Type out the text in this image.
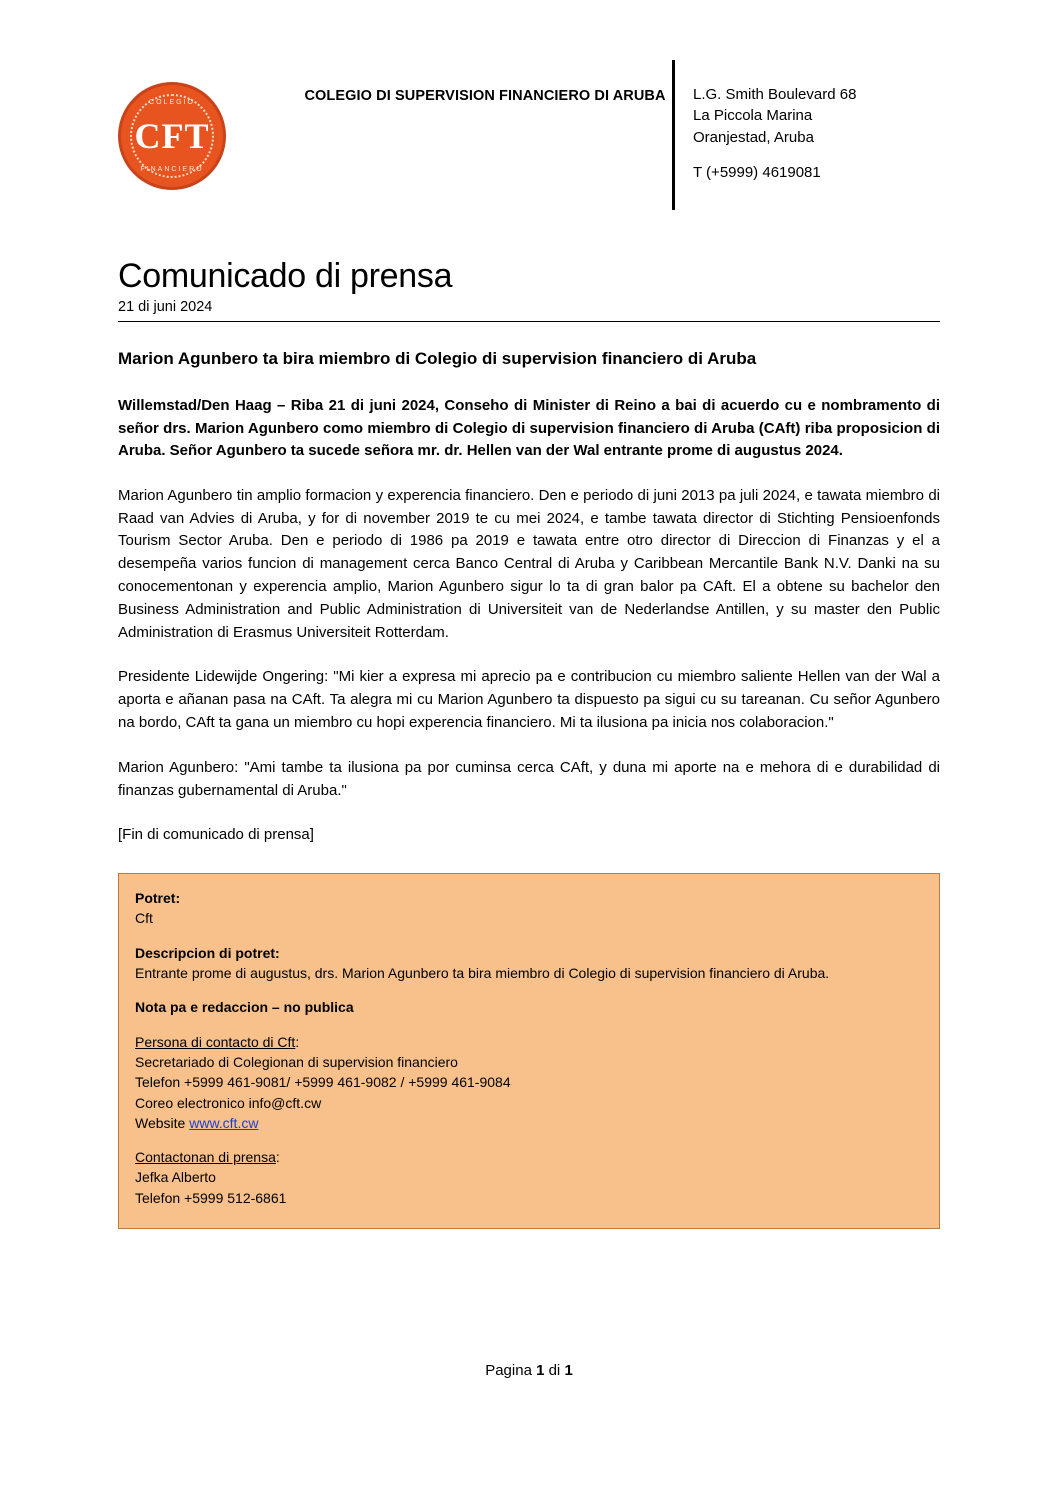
COLEGIO
CFT
FINANCIERO
COLEGIO DI SUPERVISION FINANCIERO DI ARUBA	L.G. Smith Boulevard 68
La Piccola Marina
Oranjestad, Aruba
T (+5999) 4619081
Comunicado di prensa
21 di juni 2024
Marion Agunbero ta bira miembro di Colegio di supervision financiero di Aruba

Willemstad/Den Haag – Riba 21 di juni 2024, Conseho di Minister di Reino a bai di acuerdo cu e nombramento di señor drs. Marion Agunbero como miembro di Colegio di supervision financiero di Aruba (CAft) riba proposicion di Aruba. Señor Agunbero ta sucede señora mr. dr. Hellen van der Wal entrante prome di augustus 2024.

Marion Agunbero tin amplio formacion y experencia financiero. Den e periodo di juni 2013 pa juli 2024, e tawata miembro di Raad van Advies di Aruba, y for di november 2019 te cu mei 2024, e tambe tawata director di Stichting Pensioenfonds Tourism Sector Aruba. Den e periodo di 1986 pa 2019 e tawata entre otro director di Direccion di Finanzas y el a desempeña varios funcion di management cerca Banco Central di Aruba y Caribbean Mercantile Bank N.V. Danki na su conocementonan y experencia amplio, Marion Agunbero sigur lo ta di gran balor pa CAft. El a obtene su bachelor den Business Administration and Public Administration di Universiteit van de Nederlandse Antillen, y su master den Public Administration di Erasmus Universiteit Rotterdam.

Presidente Lidewijde Ongering: "Mi kier a expresa mi aprecio pa e contribucion cu miembro saliente Hellen van der Wal a aporta e añanan pasa na CAft. Ta alegra mi cu Marion Agunbero ta dispuesto pa sigui cu su tareanan. Cu señor Agunbero na bordo, CAft ta gana un miembro cu hopi experencia financiero. Mi ta ilusiona pa inicia nos colaboracion."

Marion Agunbero: "Ami tambe ta ilusiona pa por cuminsa cerca CAft, y duna mi aporte na e mehora di e durabilidad di finanzas gubernamental di Aruba."

[Fin di comunicado di prensa]

Potret:
Cft
Descripcion di potret:
Entrante prome di augustus, drs. Marion Agunbero ta bira miembro di Colegio di supervision financiero di Aruba.
Nota pa e redaccion – no publica
Persona di contacto di Cft:
Secretariado di Colegionan di supervision financiero
Telefon +5999 461-9081/ +5999 461-9082 / +5999 461-9084
Coreo electronico info@cft.cw
Website www.cft.cw
Contactonan di prensa:
Jefka Alberto
Telefon +5999 512-6861
Pagina 1 di 1
